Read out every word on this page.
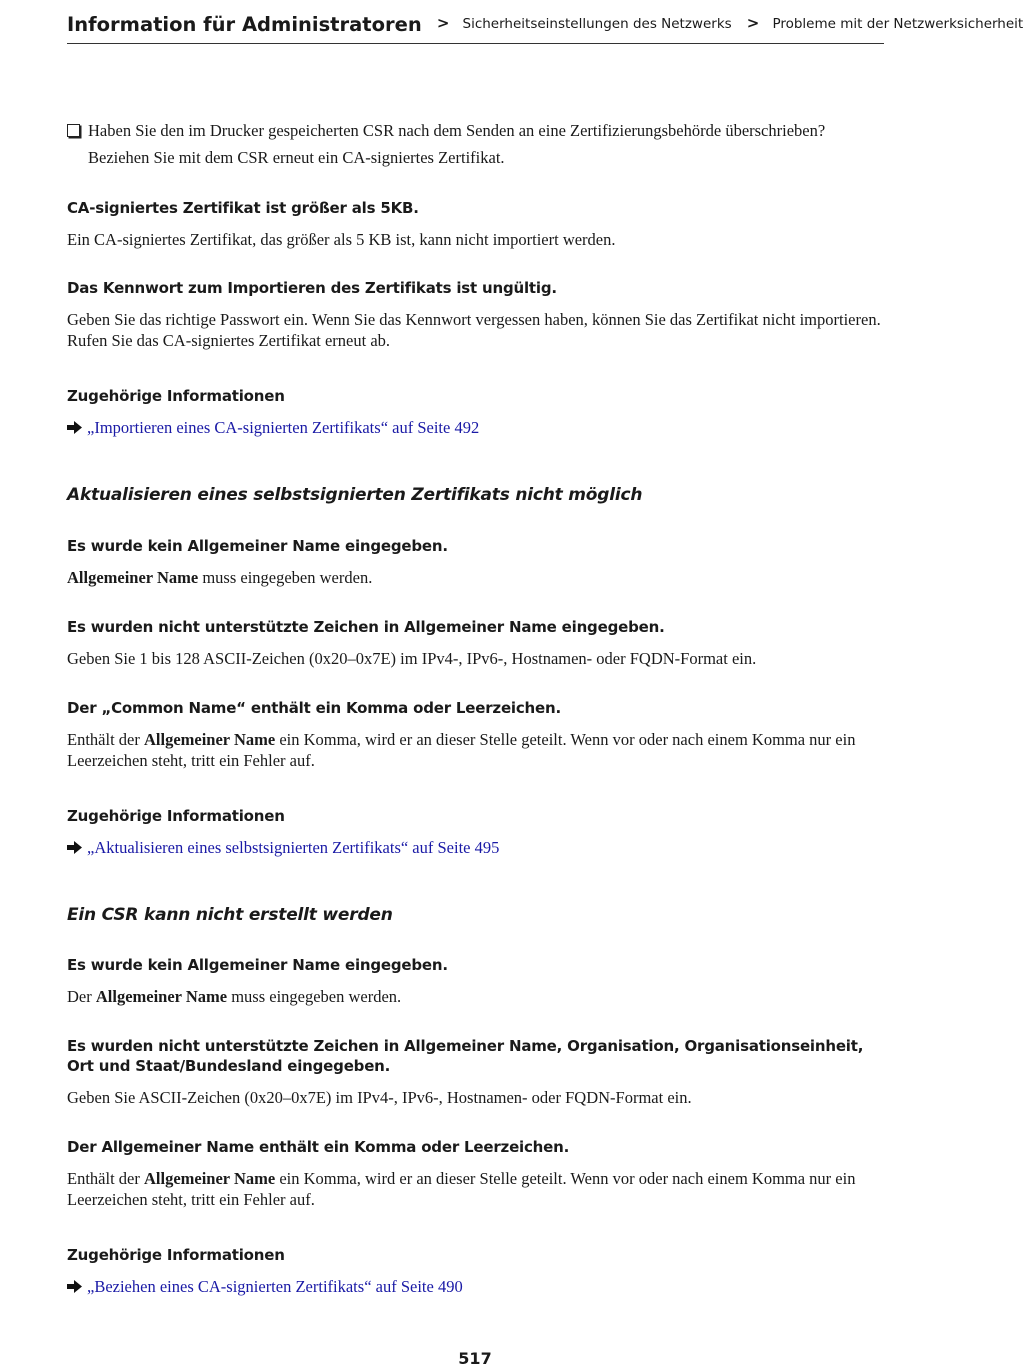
Information für Administratoren > Sicherheitseinstellungen des Netzwerks > Probleme mit der Netzwerksicherheit
Haben Sie den im Drucker gespeicherten CSR nach dem Senden an eine Zertifizierungsbehörde überschrieben?
Beziehen Sie mit dem CSR erneut ein CA-signiertes Zertifikat.
CA-signiertes Zertifikat ist größer als 5KB.

Ein CA-signiertes Zertifikat, das größer als 5 KB ist, kann nicht importiert werden.

Das Kennwort zum Importieren des Zertifikats ist ungültig.

Geben Sie das richtige Passwort ein. Wenn Sie das Kennwort vergessen haben, können Sie das Zertifikat nicht importieren. Rufen Sie das CA-signiertes Zertifikat erneut ab.

Zugehörige Informationen
„Importieren eines CA-signierten Zertifikats“ auf Seite 492
Aktualisieren eines selbstsignierten Zertifikats nicht möglich
Es wurde kein Allgemeiner Name eingegeben.

Allgemeiner Name muss eingegeben werden.

Es wurden nicht unterstützte Zeichen in Allgemeiner Name eingegeben.

Geben Sie 1 bis 128 ASCII-Zeichen (0x20–0x7E) im IPv4-, IPv6-, Hostnamen- oder FQDN-Format ein.

Der „Common Name“ enthält ein Komma oder Leerzeichen.

Enthält der Allgemeiner Name ein Komma, wird er an dieser Stelle geteilt. Wenn vor oder nach einem Komma nur ein Leerzeichen steht, tritt ein Fehler auf.

Zugehörige Informationen
„Aktualisieren eines selbstsignierten Zertifikats“ auf Seite 495
Ein CSR kann nicht erstellt werden
Es wurde kein Allgemeiner Name eingegeben.

Der Allgemeiner Name muss eingegeben werden.

Es wurden nicht unterstützte Zeichen in Allgemeiner Name, Organisation, Organisationseinheit, Ort und Staat/Bundesland eingegeben.

Geben Sie ASCII-Zeichen (0x20–0x7E) im IPv4-, IPv6-, Hostnamen- oder FQDN-Format ein.

Der Allgemeiner Name enthält ein Komma oder Leerzeichen.

Enthält der Allgemeiner Name ein Komma, wird er an dieser Stelle geteilt. Wenn vor oder nach einem Komma nur ein Leerzeichen steht, tritt ein Fehler auf.

Zugehörige Informationen
„Beziehen eines CA-signierten Zertifikats“ auf Seite 490
517
